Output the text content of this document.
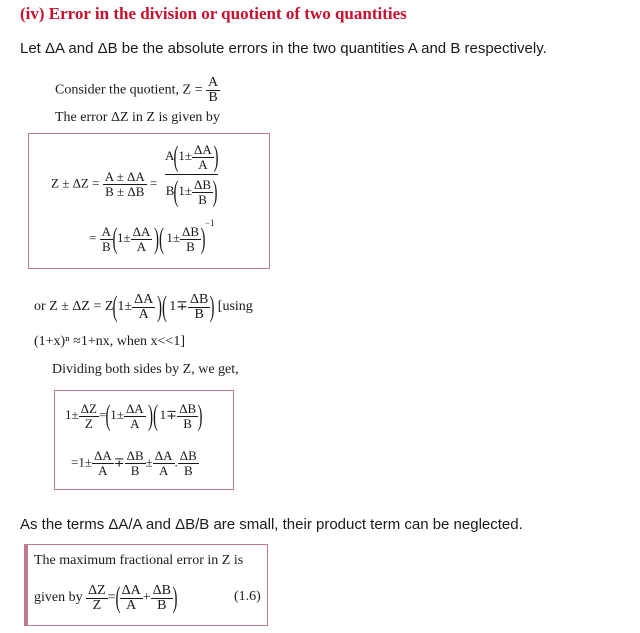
(iv) Error in the division or quotient of two quantities
Let ΔA and ΔB be the absolute errors in the two quantities A and B respectively.
Consider the quotient, $Z = \frac{A}{B}$
The error ΔZ in Z is given by
$Z \pm \Delta Z = \frac{A \pm \Delta A}{B \pm \Delta B}$ =
$A(1\pm \frac{\Delta A}{A}$ )
$B(1\pm \frac{\Delta B}{B}$ )
= $\frac{A}{B} (1\pm \frac{\Delta A}{A}$ )( $1\pm \frac{\Delta B}{B} )^{-1}$
or $Z \pm \Delta Z = Z(1\pm \frac{\Delta A}{A}$ )( $1\mp \frac{\Delta B}{B}$ ) [using
(1+x)ⁿ ≈1+nx, when x<<1]
Dividing both sides by Z, we get,
$1\pm \frac{\Delta Z}{Z} =(1\pm \frac{\Delta A}{A}$ )( $1\mp \frac{\Delta B}{B}$ )
$=1\pm \frac{\Delta A}{A} \mp \frac{\Delta B}{B} \pm \frac{\Delta A}{A}$ . $\frac{\Delta B}{B}$
As the terms ΔA/A and ΔB/B are small, their product term can be neglected.
The maximum fractional error in Z is
given by $\frac{\Delta Z}{Z}$ =( $\frac{\Delta A}{A} + \frac{\Delta B}{B}$ )	(1.6)
